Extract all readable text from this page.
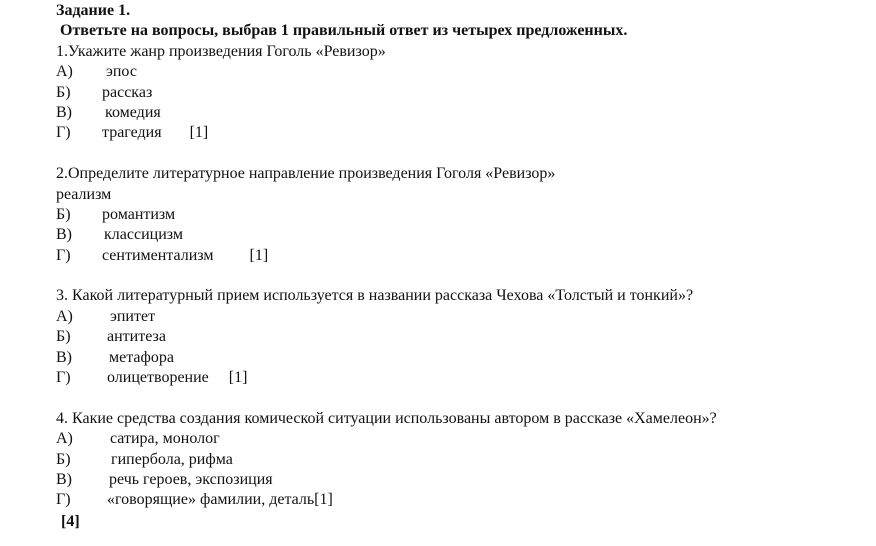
Задание 1.
Ответьте на вопросы, выбрав 1 правильный ответ из четырех предложенных.
1.Укажите жанр произведения Гоголь «Ревизор»
А)	эпос
Б)	рассказ
В)	комедия
Г)	трагедия [1]
2.Определите литературное направление произведения Гоголя «Ревизор»
реализм
Б)	романтизм
В)	классицизм
Г)	сентиментализм [1]
3. Какой литературный прием используется в названии рассказа Чехова «Толстый и тонкий»?
А)	эпитет
Б)	антитеза
В)	метафора
Г)	олицетворение [1]
4. Какие средства создания комической ситуации использованы автором в рассказе «Хамелеон»?
А)	сатира, монолог
Б)	гипербола, рифма
В)	речь героев, экспозиция
Г)	«говорящие» фамилии, деталь[1]
[4]
